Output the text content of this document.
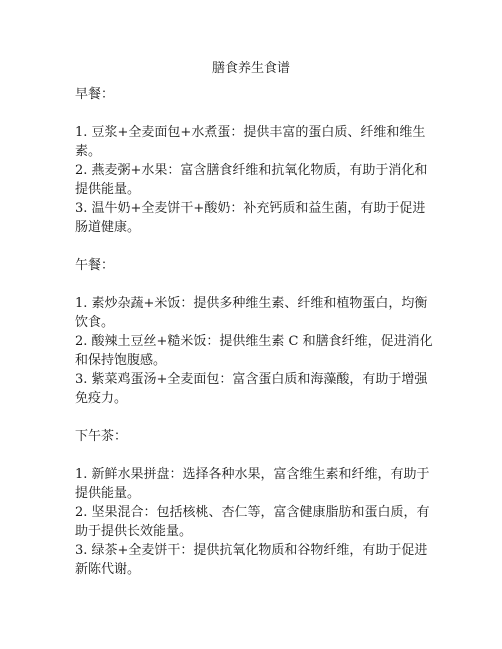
膳食养生食谱

早餐：

1. 豆浆+全麦面包+水煮蛋：提供丰富的蛋白质、纤维和维生素。
2. 燕麦粥+水果：富含膳食纤维和抗氧化物质，有助于消化和提供能量。
3. 温牛奶+全麦饼干+酸奶：补充钙质和益生菌，有助于促进肠道健康。

午餐：

1. 素炒杂蔬+米饭：提供多种维生素、纤维和植物蛋白，均衡饮食。
2. 酸辣土豆丝+糙米饭：提供维生素 C 和膳食纤维，促进消化和保持饱腹感。
3. 紫菜鸡蛋汤+全麦面包：富含蛋白质和海藻酸，有助于增强免疫力。

下午茶：

1. 新鲜水果拼盘：选择各种水果，富含维生素和纤维，有助于提供能量。
2. 坚果混合：包括核桃、杏仁等，富含健康脂肪和蛋白质，有助于提供长效能量。
3. 绿茶+全麦饼干：提供抗氧化物质和谷物纤维，有助于促进新陈代谢。
